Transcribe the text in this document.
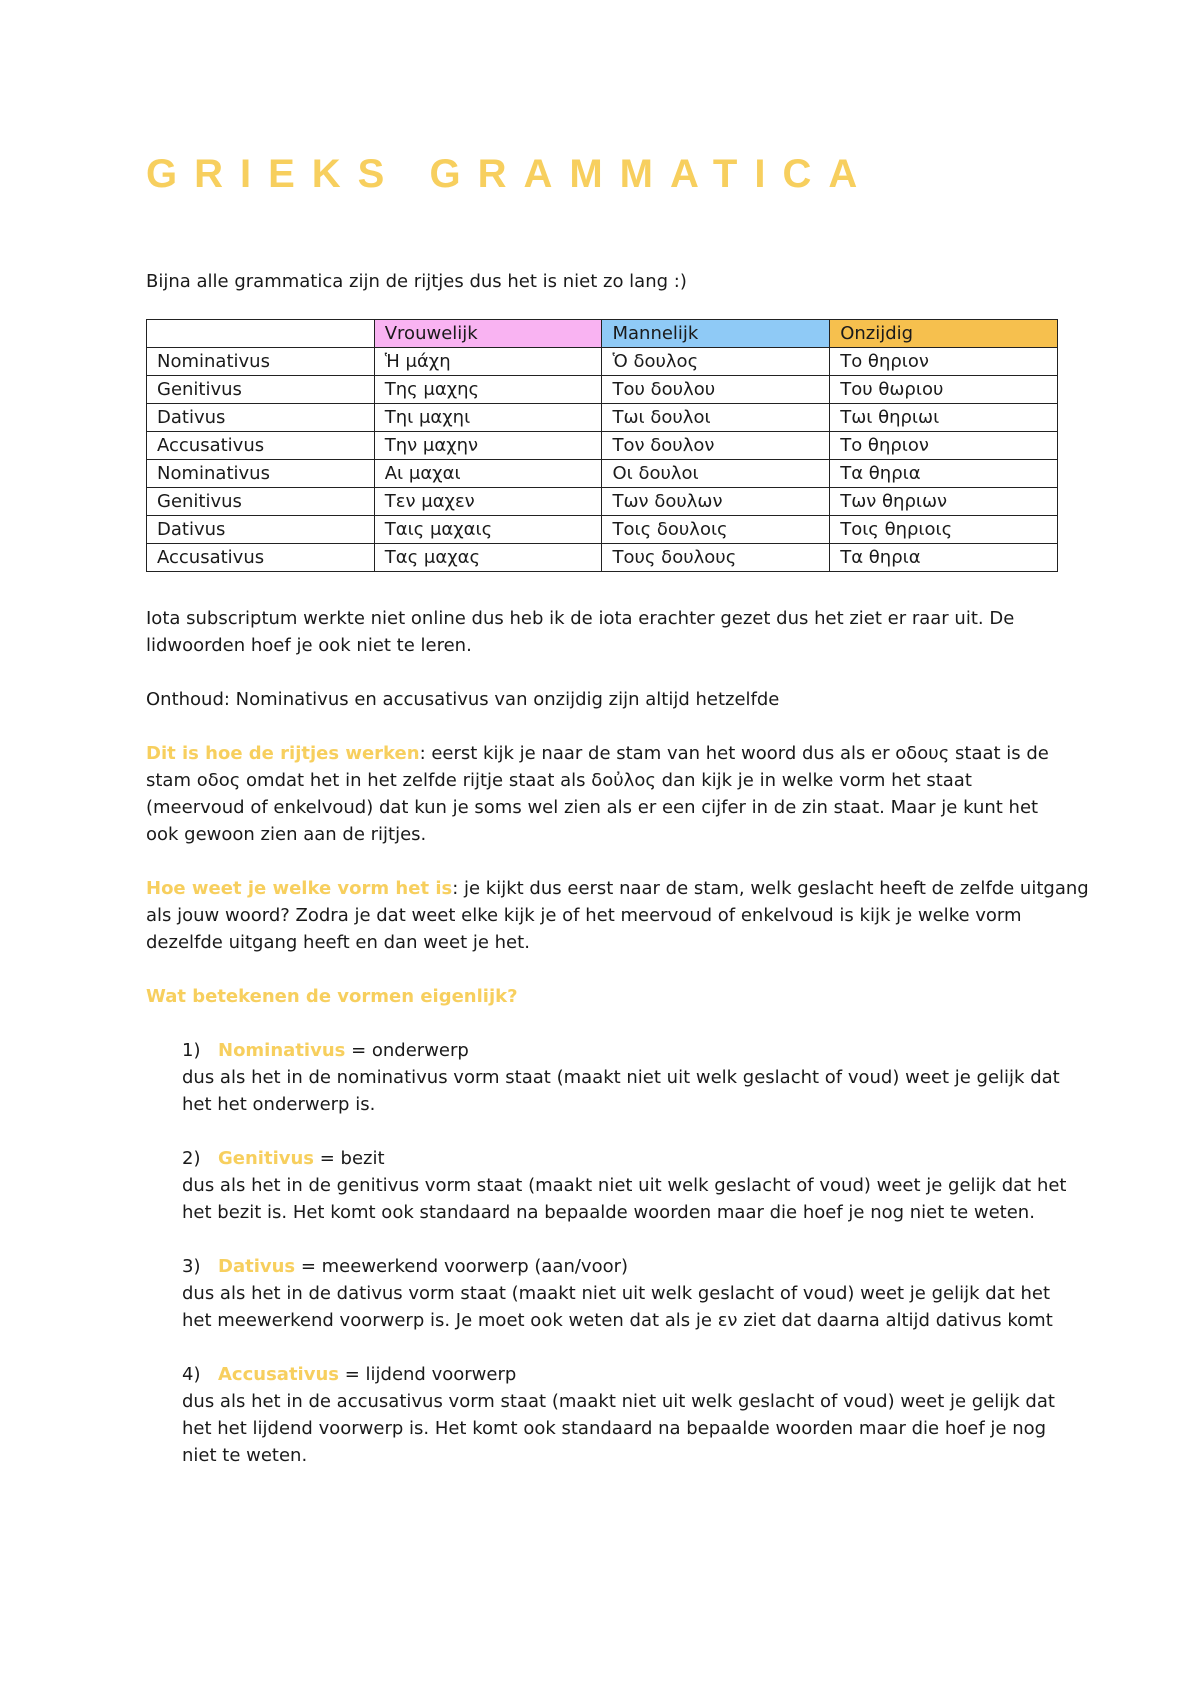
GRIEKS GRAMMATICA
Bijna alle grammatica zijn de rijtjes dus het is niet zo lang :)
	Vrouwelijk	Mannelijk	Onzijdig
Nominativus	Ἡ μάχη	Ὁ δουλος	Το θηριον
Genitivus	Της μαχης	Του δουλου	Του θωριου
Dativus	Τηι μαχηι	Τωι δουλοι	Τωι θηριωι
Accusativus	Την μαχην	Τον δουλον	Το θηριον
Nominativus	Αι μαχαι	Οι δουλοι	Τα θηρια
Genitivus	Τεν μαχεν	Των δουλων	Των θηριων
Dativus	Ταις μαχαις	Τοις δουλοις	Τοις θηριοις
Accusativus	Τας μαχας	Τους δουλους	Τα θηρια
Iota subscriptum werkte niet online dus heb ik de iota erachter gezet dus het ziet er raar uit. De
lidwoorden hoef je ook niet te leren.
Onthoud: Nominativus en accusativus van onzijdig zijn altijd hetzelfde
Dit is hoe de rijtjes werken: eerst kijk je naar de stam van het woord dus als er οδους staat is de
stam οδος omdat het in het zelfde rijtje staat als δοὐλος dan kijk je in welke vorm het staat
(meervoud of enkelvoud) dat kun je soms wel zien als er een cijfer in de zin staat. Maar je kunt het
ook gewoon zien aan de rijtjes.
Hoe weet je welke vorm het is: je kijkt dus eerst naar de stam, welk geslacht heeft de zelfde uitgang
als jouw woord? Zodra je dat weet elke kijk je of het meervoud of enkelvoud is kijk je welke vorm
dezelfde uitgang heeft en dan weet je het.
Wat betekenen de vormen eigenlijk?
1) Nominativus = onderwerp
dus als het in de nominativus vorm staat (maakt niet uit welk geslacht of voud) weet je gelijk dat
het het onderwerp is.
2) Genitivus = bezit
dus als het in de genitivus vorm staat (maakt niet uit welk geslacht of voud) weet je gelijk dat het
het bezit is. Het komt ook standaard na bepaalde woorden maar die hoef je nog niet te weten.
3) Dativus = meewerkend voorwerp (aan/voor)
dus als het in de dativus vorm staat (maakt niet uit welk geslacht of voud) weet je gelijk dat het
het meewerkend voorwerp is. Je moet ook weten dat als je εν ziet dat daarna altijd dativus komt
4) Accusativus = lijdend voorwerp
dus als het in de accusativus vorm staat (maakt niet uit welk geslacht of voud) weet je gelijk dat
het het lijdend voorwerp is. Het komt ook standaard na bepaalde woorden maar die hoef je nog
niet te weten.
